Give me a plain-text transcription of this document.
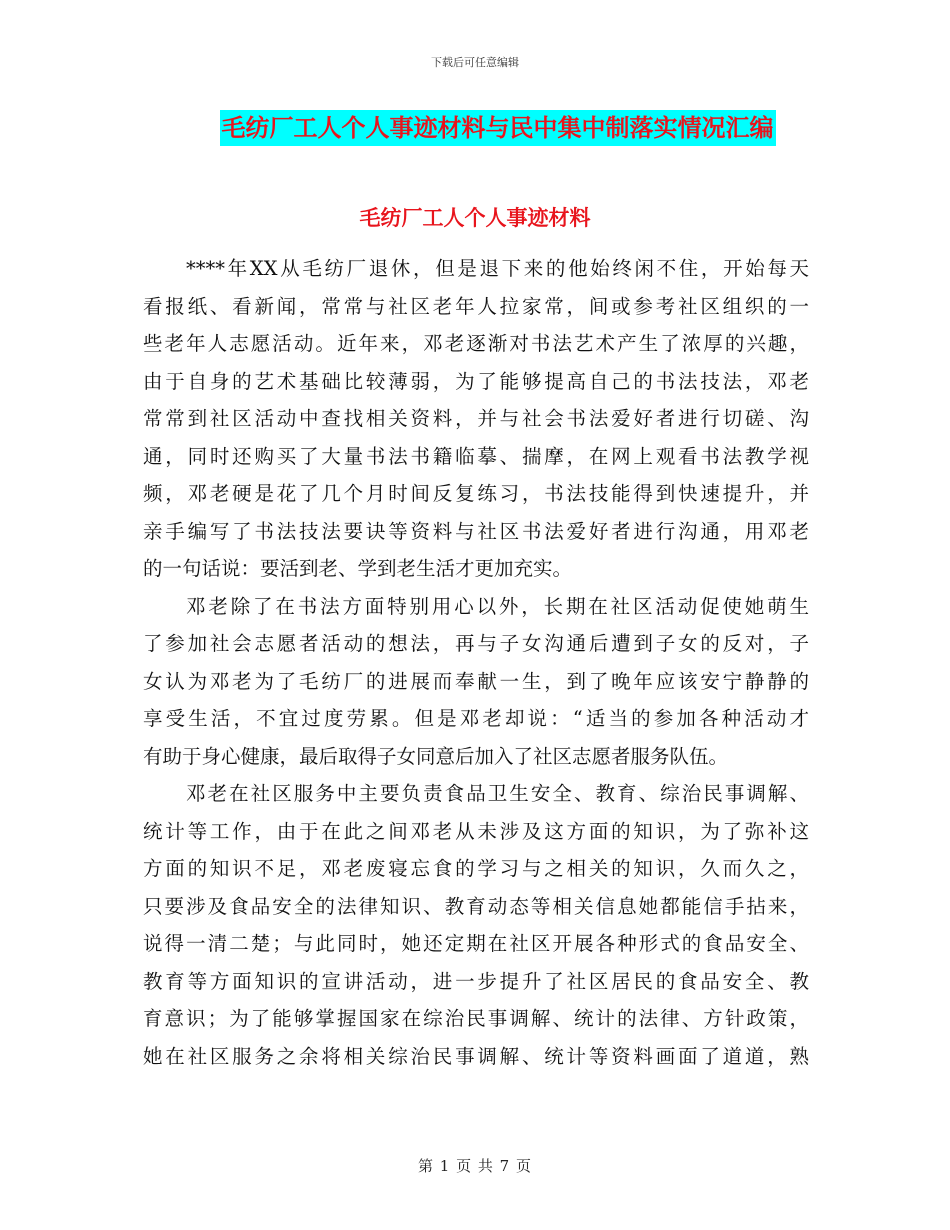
下载后可任意编辑
毛纺厂工人个人事迹材料与民中集中制落实情况汇编
毛纺厂工人个人事迹材料

****年XX从毛纺厂退休，但是退下来的他始终闲不住，开始每天
看报纸、看新闻，常常与社区老年人拉家常，间或参考社区组织的一
些老年人志愿活动。近年来，邓老逐渐对书法艺术产生了浓厚的兴趣，
由于自身的艺术基础比较薄弱，为了能够提高自己的书法技法，邓老
常常到社区活动中查找相关资料，并与社会书法爱好者进行切磋、沟
通，同时还购买了大量书法书籍临摹、揣摩，在网上观看书法教学视
频，邓老硬是花了几个月时间反复练习，书法技能得到快速提升，并
亲手编写了书法技法要诀等资料与社区书法爱好者进行沟通，用邓老
的一句话说：要活到老、学到老生活才更加充实。

邓老除了在书法方面特别用心以外，长期在社区活动促使她萌生
了参加社会志愿者活动的想法，再与子女沟通后遭到子女的反对，子
女认为邓老为了毛纺厂的进展而奉献一生，到了晚年应该安宁静静的
享受生活，不宜过度劳累。但是邓老却说：“适当的参加各种活动才
有助于身心健康，最后取得子女同意后加入了社区志愿者服务队伍。

邓老在社区服务中主要负责食品卫生安全、教育、综治民事调解、
统计等工作，由于在此之间邓老从未涉及这方面的知识，为了弥补这
方面的知识不足，邓老废寝忘食的学习与之相关的知识，久而久之，
只要涉及食品安全的法律知识、教育动态等相关信息她都能信手拈来，
说得一清二楚；与此同时，她还定期在社区开展各种形式的食品安全、
教育等方面知识的宣讲活动，进一步提升了社区居民的食品安全、教
育意识；为了能够掌握国家在综治民事调解、统计的法律、方针政策，
她在社区服务之余将相关综治民事调解、统计等资料画面了道道，熟

第 1 页 共 7 页
